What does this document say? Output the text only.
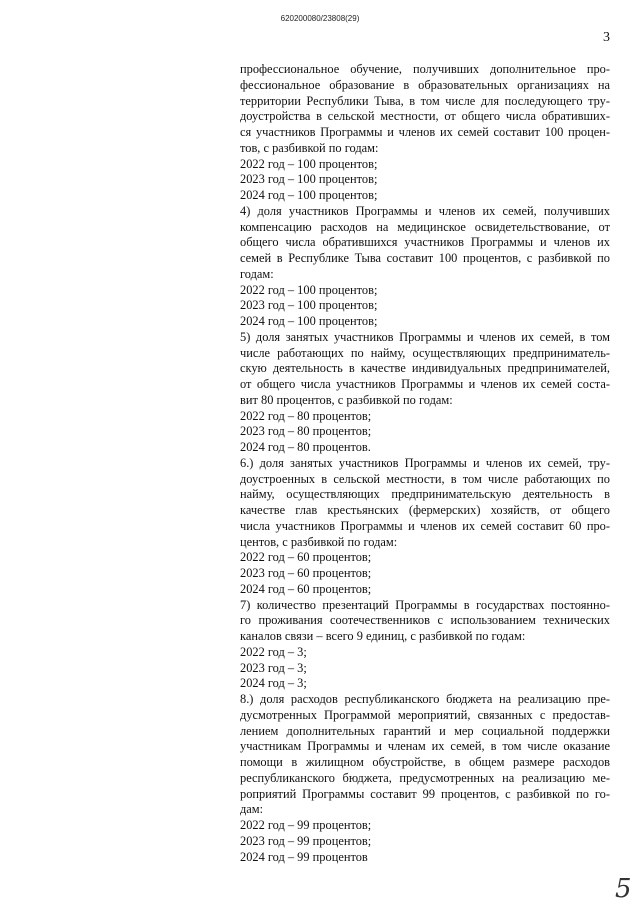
620200080/23808(29)
3
профессиональное обучение, получивших дополнительное про-
фессиональное образование в образовательных организациях на
территории Республики Тыва, в том числе для последующего тру-
доустройства в сельской местности, от общего числа обратившиx-
ся участников Программы и членов их семей составит 100 процен-
тов, с разбивкой по годам:
2022 год – 100 процентов;
2023 год – 100 процентов;
2024 год – 100 процентов;
4) доля участников Программы и членов их семей, получивших
компенсацию расходов на медицинское освидетельствование, от
общего числа обратившихся участников Программы и членов их
семей в Республике Тыва составит 100 процентов, с разбивкой по
годам:
2022 год – 100 процентов;
2023 год – 100 процентов;
2024 год – 100 процентов;
5) доля занятых участников Программы и членов их семей, в том
числе работающих по найму, осуществляющих предприниматель-
скую деятельность в качестве индивидуальных предпринимателей,
от общего числа участников Программы и членов их семей соста-
вит 80 процентов, с разбивкой по годам:
2022 год – 80 процентов;
2023 год – 80 процентов;
2024 год – 80 процентов.
6.) доля занятых участников Программы и членов их семей, тру-
доустроенных в сельской местности, в том числе работающих по
найму, осуществляющих предпринимательскую деятельность в
качестве глав крестьянских (фермерских) хозяйств, от общего
числа участников Программы и членов их семей составит 60 про-
центов, с разбивкой по годам:
2022 год – 60 процентов;
2023 год – 60 процентов;
2024 год – 60 процентов;
7) количество презентаций Программы в государствах постоянно-
го проживания соотечественников с использованием технических
каналов связи – всего 9 единиц, с разбивкой по годам:
2022 год – 3;
2023 год – 3;
2024 год – 3;
8.) доля расходов республиканского бюджета на реализацию пре-
дусмотренных Программой мероприятий, связанных с предостав-
лением дополнительных гарантий и мер социальной поддержки
участникам Программы и членам их семей, в том числе оказание
помощи в жилищном обустройстве, в общем размере расходов
республиканского бюджета, предусмотренных на реализацию ме-
роприятий Программы составит 99 процентов, с разбивкой по го-
дам:
2022 год – 99 процентов;
2023 год – 99 процентов;
2024 год – 99 процентов
5
